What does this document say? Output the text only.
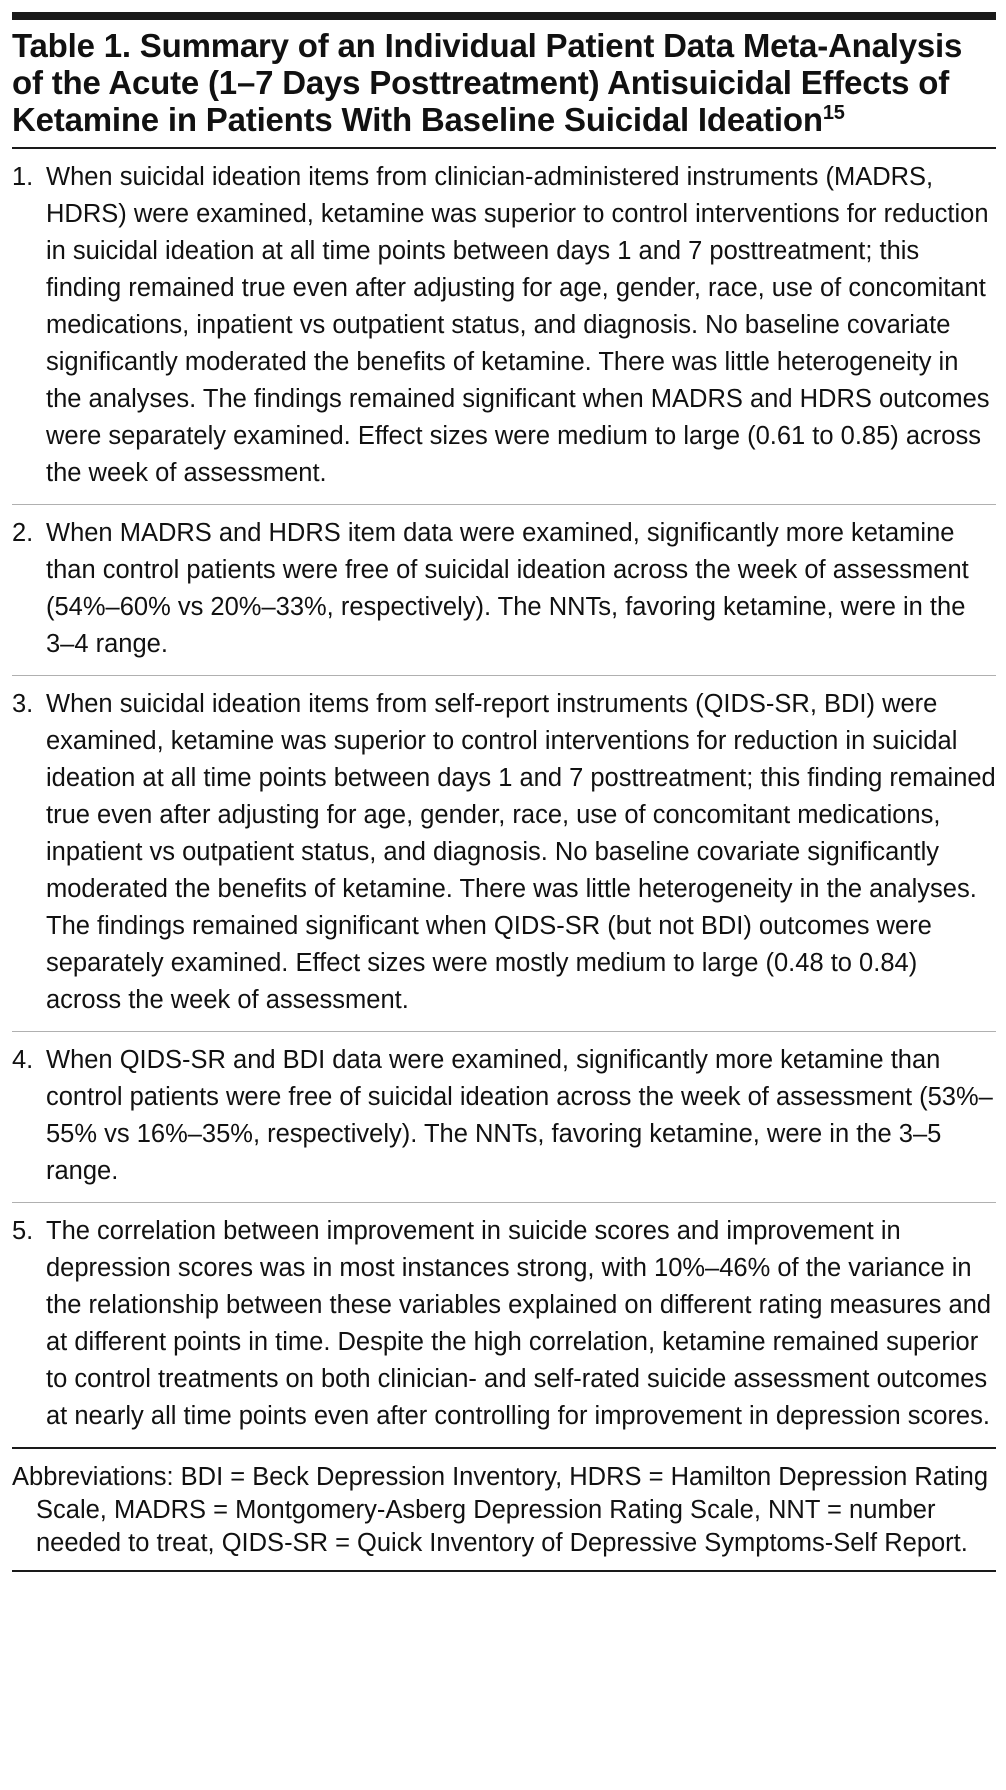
Table 1. Summary of an Individual Patient Data Meta-Analysis of the Acute (1–7 Days Posttreatment) Antisuicidal Effects of Ketamine in Patients With Baseline Suicidal Ideation$^{15}$
1. When suicidal ideation items from clinician-administered instruments (MADRS, HDRS) were examined, ketamine was superior to control interventions for reduction in suicidal ideation at all time points between days 1 and 7 posttreatment; this finding remained true even after adjusting for age, gender, race, use of concomitant medications, inpatient vs outpatient status, and diagnosis. No baseline covariate significantly moderated the benefits of ketamine. There was little heterogeneity in the analyses. The findings remained significant when MADRS and HDRS outcomes were separately examined. Effect sizes were medium to large (0.61 to 0.85) across the week of assessment.
2. When MADRS and HDRS item data were examined, significantly more ketamine than control patients were free of suicidal ideation across the week of assessment (54%–60% vs 20%–33%, respectively). The NNTs, favoring ketamine, were in the 3–4 range.
3. When suicidal ideation items from self-report instruments (QIDS-SR, BDI) were examined, ketamine was superior to control interventions for reduction in suicidal ideation at all time points between days 1 and 7 posttreatment; this finding remained true even after adjusting for age, gender, race, use of concomitant medications, inpatient vs outpatient status, and diagnosis. No baseline covariate significantly moderated the benefits of ketamine. There was little heterogeneity in the analyses. The findings remained significant when QIDS-SR (but not BDI) outcomes were separately examined. Effect sizes were mostly medium to large (0.48 to 0.84) across the week of assessment.
4. When QIDS-SR and BDI data were examined, significantly more ketamine than control patients were free of suicidal ideation across the week of assessment (53%–55% vs 16%–35%, respectively). The NNTs, favoring ketamine, were in the 3–5 range.
5. The correlation between improvement in suicide scores and improvement in depression scores was in most instances strong, with 10%–46% of the variance in the relationship between these variables explained on different rating measures and at different points in time. Despite the high correlation, ketamine remained superior to control treatments on both clinician- and self-rated suicide assessment outcomes at nearly all time points even after controlling for improvement in depression scores.
Abbreviations: BDI = Beck Depression Inventory, HDRS = Hamilton Depression Rating Scale, MADRS = Montgomery-Asberg Depression Rating Scale, NNT = number needed to treat, QIDS-SR = Quick Inventory of Depressive Symptoms-Self Report.
